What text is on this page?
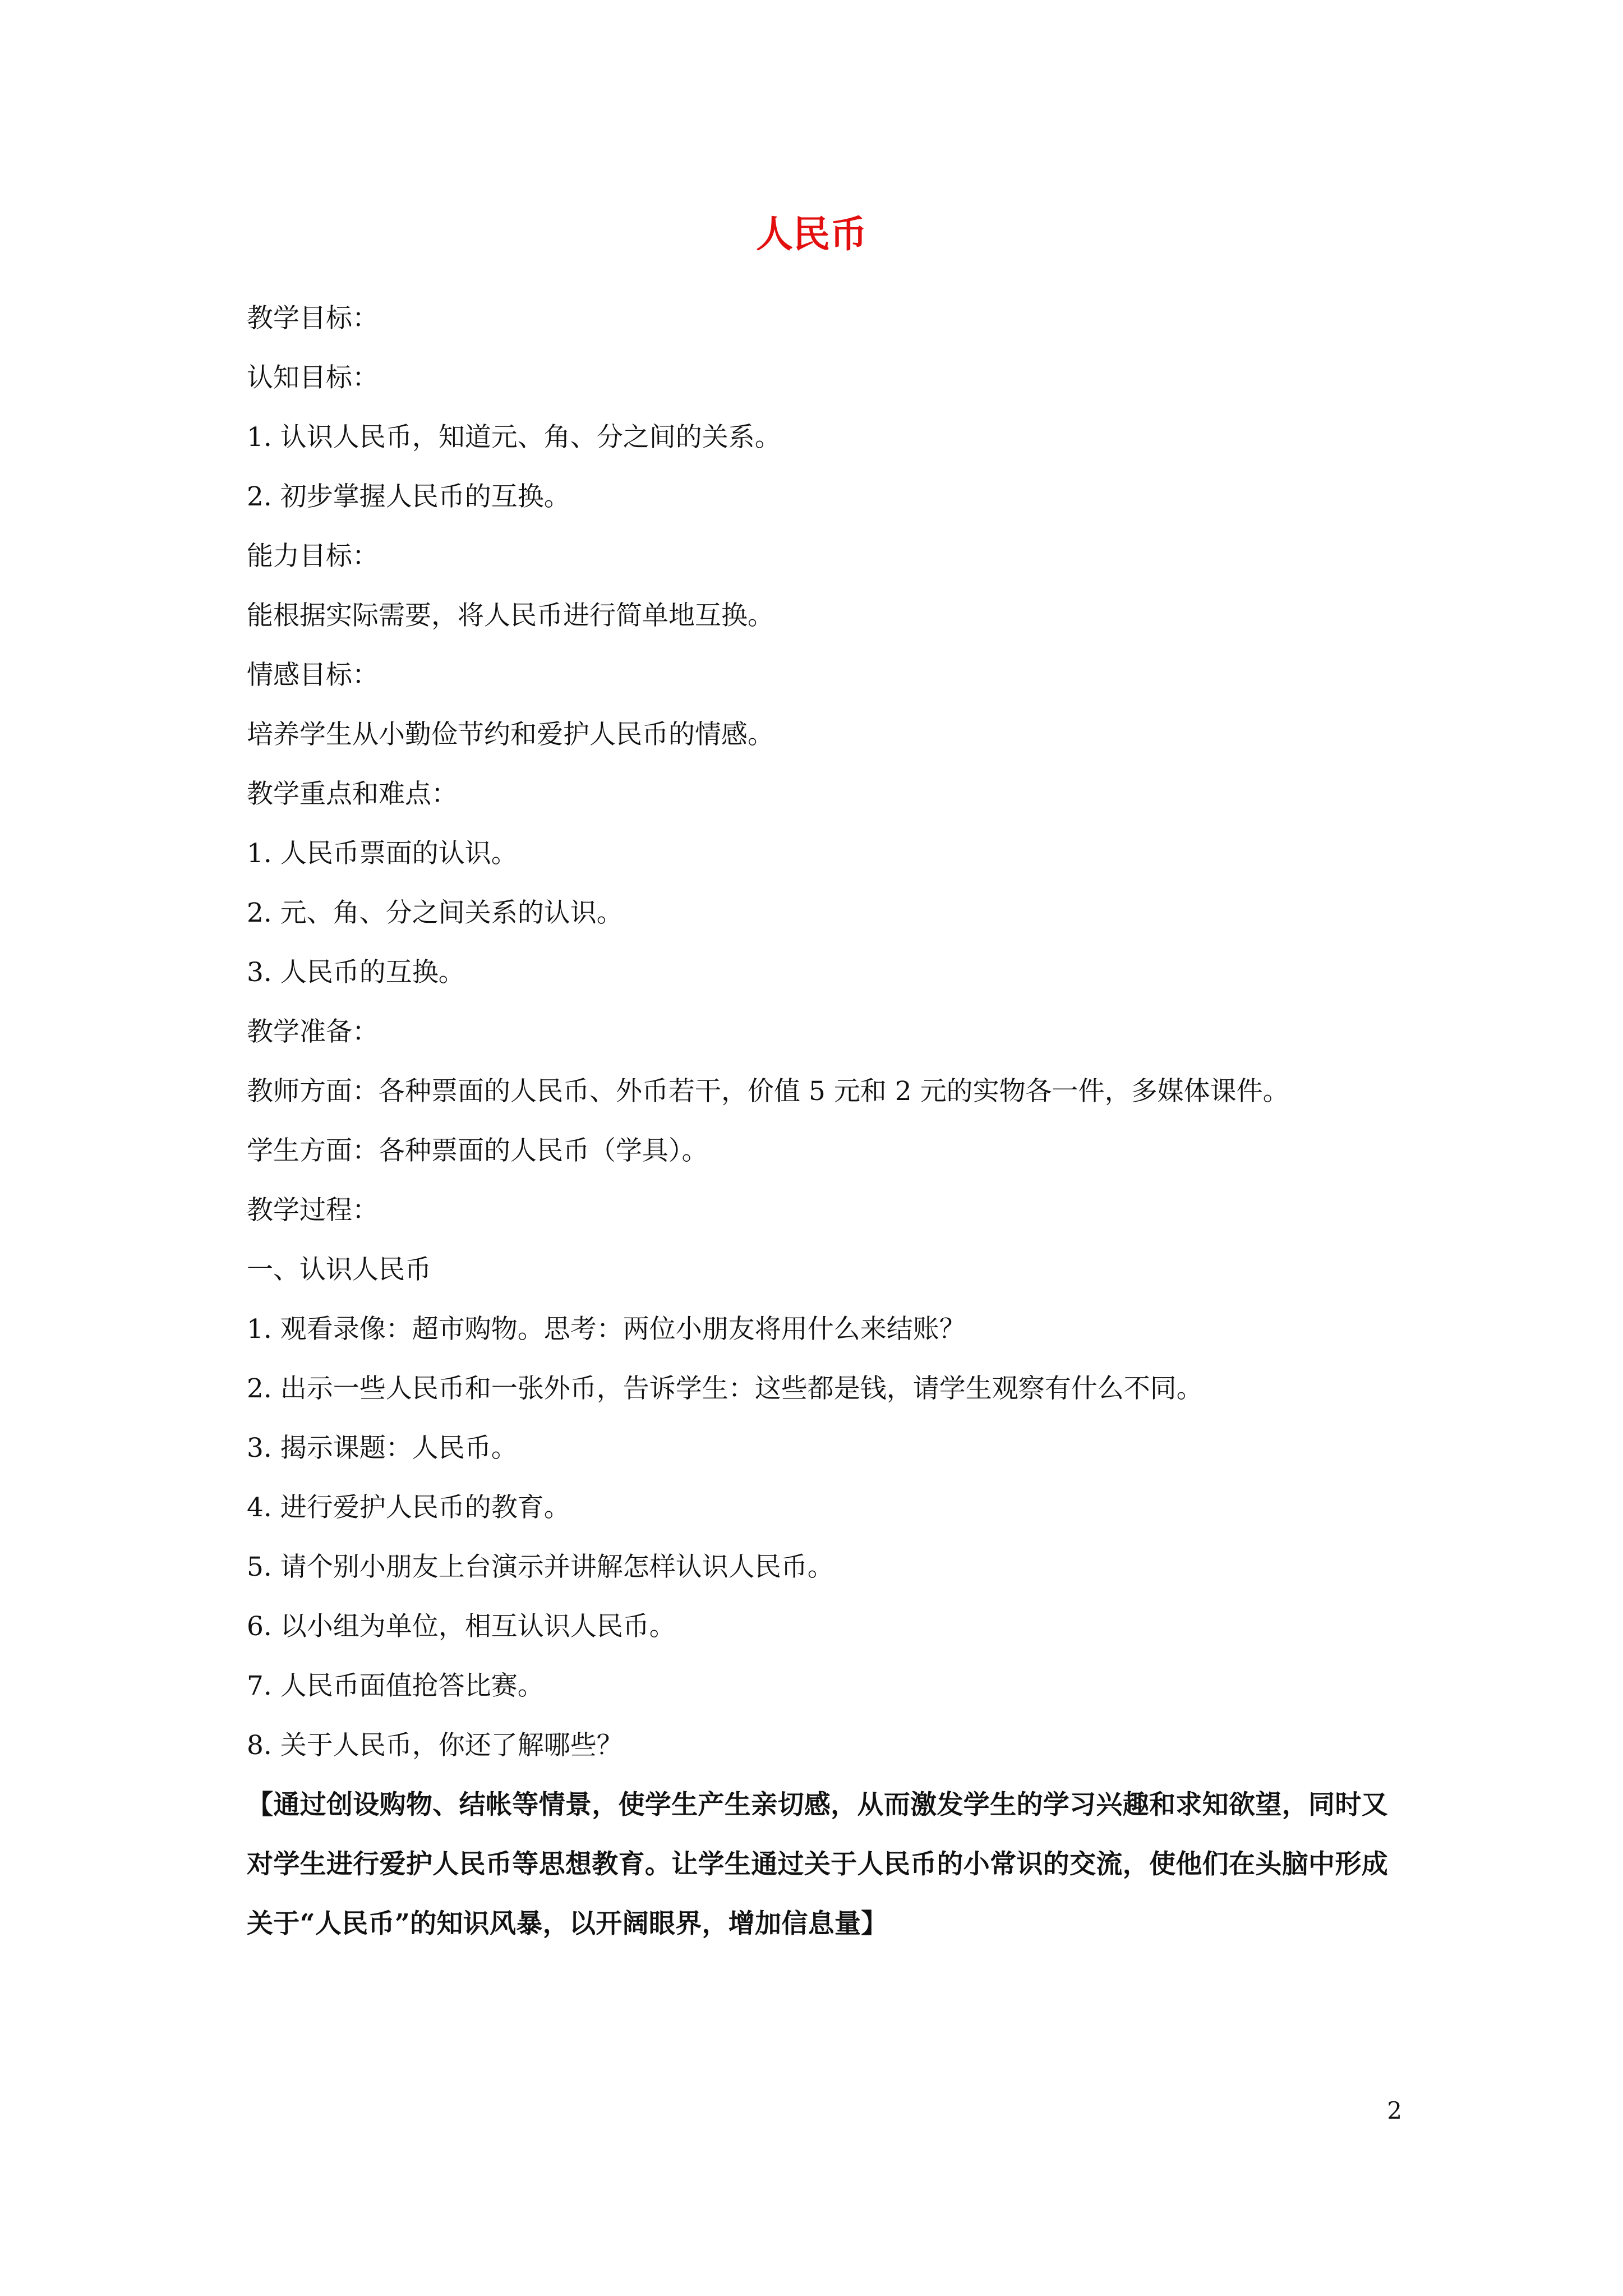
人民币

教学目标：

认知目标：

1. 认识人民币，知道元、角、分之间的关系。

2. 初步掌握人民币的互换。

能力目标：

能根据实际需要，将人民币进行简单地互换。

情感目标：

培养学生从小勤俭节约和爱护人民币的情感。

教学重点和难点：

1. 人民币票面的认识。

2. 元、角、分之间关系的认识。

3. 人民币的互换。

教学准备：

教师方面：各种票面的人民币、外币若干，价值 5 元和 2 元的实物各一件，多媒体课件。

学生方面：各种票面的人民币（学具）。

教学过程：

一、认识人民币

1. 观看录像：超市购物。思考：两位小朋友将用什么来结账？

2. 出示一些人民币和一张外币，告诉学生：这些都是钱，请学生观察有什么不同。

3. 揭示课题：人民币。

4. 进行爱护人民币的教育。

5. 请个别小朋友上台演示并讲解怎样认识人民币。

6. 以小组为单位，相互认识人民币。

7. 人民币面值抢答比赛。

8. 关于人民币，你还了解哪些？

【通过创设购物、结帐等情景，使学生产生亲切感，从而激发学生的学习兴趣和求知欲望，同时又对学生进行爱护人民币等思想教育。让学生通过关于人民币的小常识的交流，使他们在头脑中形成关于“人民币”的知识风暴，以开阔眼界，增加信息量】

2
